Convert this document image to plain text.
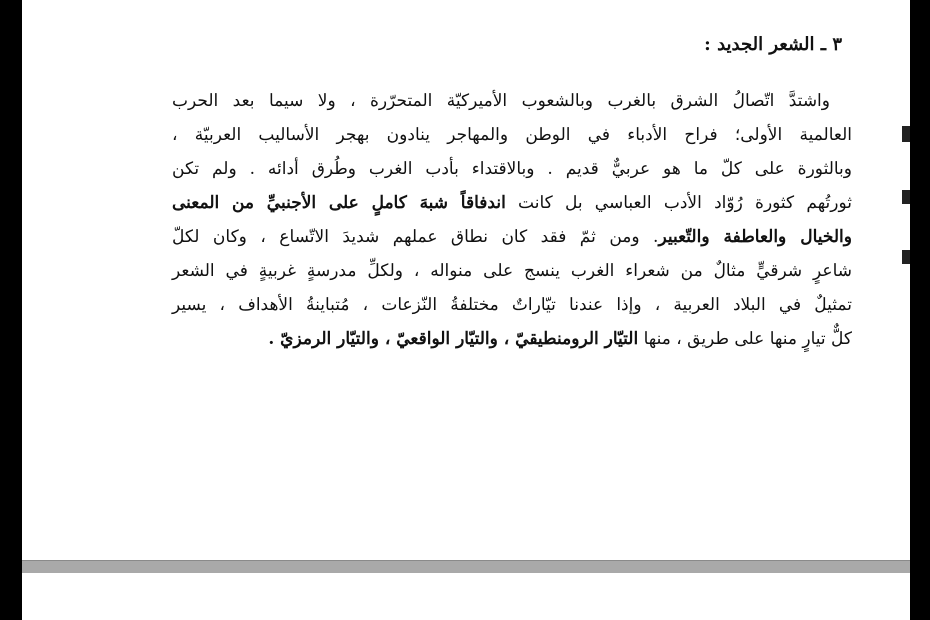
٣ ـ الشعر الجديد :
واشتدَّ اتّصالُ الشرق بالغرب وبالشعوب الأميركيّة المتحرّرة ، ولا سيما بعد الحرب
العالمية الأولى؛ فراح الأدباء في الوطن والمهاجر ينادون بهجر الأساليب العربيّة ،
وبالثورة على كلّ ما هو عربيٌّ قديم . وبالاقتداء بأدب الغرب وطُرق أدائه . ولم تكن
ثورتُهم كثورة رُوّاد الأدب العباسي بل كانت اندفاقاً شبهَ كاملٍ على الأجنبيِّ من المعنى
والخيال والعاطفة والتّعبير. ومن ثمّ فقد كان نطاق عملهم شديدَ الاتّساع ، وكان لكلّ
شاعرٍ شرقيٍّ مثالٌ من شعراء الغرب ينسج على منواله ، ولكلِّ مدرسةٍ غربيةٍ في الشعر
تمثيلٌ في البلاد العربية ، وإذا عندنا تيّاراتٌ مختلفةُ النّزعات ، مُتباينةُ الأهداف ، يسير
كلٌّ تيارٍ منها على طريق ، منها التيّار الرومنطيقيّ ، والتيّار الواقعيّ ، والتيّار الرمزيّ .
